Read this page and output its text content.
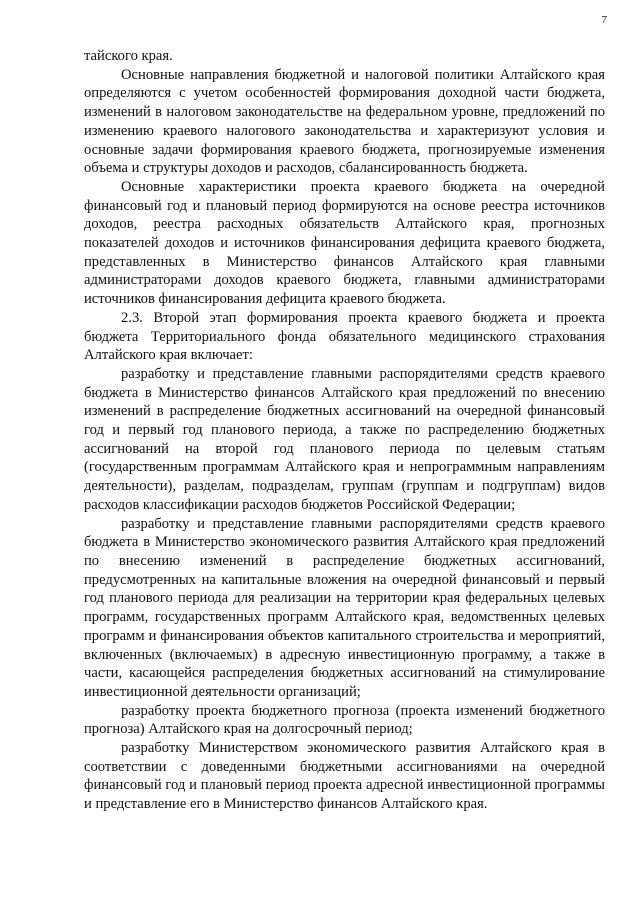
7

тайского края.

Основные направления бюджетной и налоговой политики Алтайского края определяются с учетом особенностей формирования доходной части бюджета, изменений в налоговом законодательстве на федеральном уровне, предложений по изменению краевого налогового законодательства и характеризуют условия и основные задачи формирования краевого бюджета, прогнозируемые изменения объема и структуры доходов и расходов, сбалансированность бюджета.

Основные характеристики проекта краевого бюджета на очередной финансовый год и плановый период формируются на основе реестра источников доходов, реестра расходных обязательств Алтайского края, прогнозных показателей доходов и источников финансирования дефицита краевого бюджета, представленных в Министерство финансов Алтайского края главными администраторами доходов краевого бюджета, главными администраторами источников финансирования дефицита краевого бюджета.

2.3. Второй этап формирования проекта краевого бюджета и проекта бюджета Территориального фонда обязательного медицинского страхования Алтайского края включает:

разработку и представление главными распорядителями средств краевого бюджета в Министерство финансов Алтайского края предложений по внесению изменений в распределение бюджетных ассигнований на очередной финансовый год и первый год планового периода, а также по распределению бюджетных ассигнований на второй год планового периода по целевым статьям (государственным программам Алтайского края и непрограммным направлениям деятельности), разделам, подразделам, группам (группам и подгруппам) видов расходов классификации расходов бюджетов Российской Федерации;

разработку и представление главными распорядителями средств краевого бюджета в Министерство экономического развития Алтайского края предложений по внесению изменений в распределение бюджетных ассигнований, предусмотренных на капитальные вложения на очередной финансовый и первый год планового периода для реализации на территории края федеральных целевых программ, государственных программ Алтайского края, ведомственных целевых программ и финансирования объектов капитального строительства и мероприятий, включенных (включаемых) в адресную инвестиционную программу, а также в части, касающейся распределения бюджетных ассигнований на стимулирование инвестиционной деятельности организаций;

разработку проекта бюджетного прогноза (проекта изменений бюджетного прогноза) Алтайского края на долгосрочный период;

разработку Министерством экономического развития Алтайского края в соответствии с доведенными бюджетными ассигнованиями на очередной финансовый год и плановый период проекта адресной инвестиционной программы и представление его в Министерство финансов Алтайского края.
